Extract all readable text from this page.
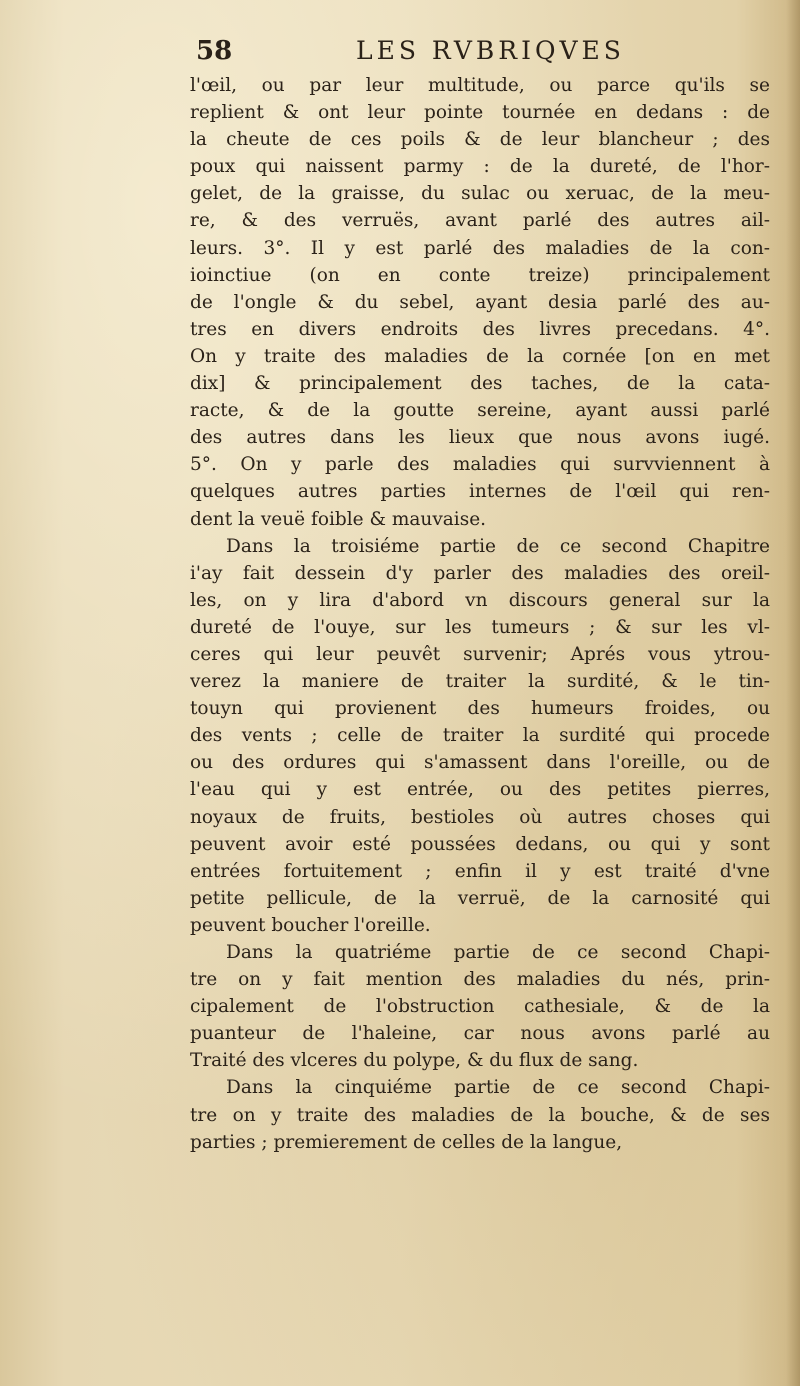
58	LES RVBRIQVES
l'œil, ou par leur multitude, ou parce qu'ils se
replient & ont leur pointe tournée en dedans : de
la cheute de ces poils & de leur blancheur ; des
poux qui naissent parmy : de la dureté, de l'hor-
gelet, de la graisse, du sulac ou xeruac, de la meu-
re, & des verruës, avant parlé des autres ail-
leurs. 3°. Il y est parlé des maladies de la con-
ioinctiue (on en conte treize) principalement
de l'ongle & du sebel, ayant desia parlé des au-
tres en divers endroits des livres precedans. 4°.
On y traite des maladies de la cornée [on en met
dix] & principalement des taches, de la cata-
racte, & de la goutte sereine, ayant aussi parlé
des autres dans les lieux que nous avons iugé.
5°. On y parle des maladies qui survviennent à
quelques autres parties internes de l'œil qui ren-
dent la veuë foible & mauvaise.
Dans la troisiéme partie de ce second Chapitre
i'ay fait dessein d'y parler des maladies des oreil-
les, on y lira d'abord vn discours general sur la
dureté de l'ouye, sur les tumeurs ; & sur les vl-
ceres qui leur peuvêt survenir; Aprés vous ytrou-
verez la maniere de traiter la surdité, & le tin-
touyn qui provienent des humeurs froides, ou
des vents ; celle de traiter la surdité qui procede
ou des ordures qui s'amassent dans l'oreille, ou de
l'eau qui y est entrée, ou des petites pierres,
noyaux de fruits, bestioles où autres choses qui
peuvent avoir esté poussées dedans, ou qui y sont
entrées fortuitement ; enfin il y est traité d'vne
petite pellicule, de la verruë, de la carnosité qui
peuvent boucher l'oreille.
Dans la quatriéme partie de ce second Chapi-
tre on y fait mention des maladies du nés, prin-
cipalement de l'obstruction cathesiale, & de la
puanteur de l'haleine, car nous avons parlé au
Traité des vlceres du polype, & du flux de sang.
Dans la cinquiéme partie de ce second Chapi-
tre on y traite des maladies de la bouche, & de ses
parties ; premierement de celles de la langue,
